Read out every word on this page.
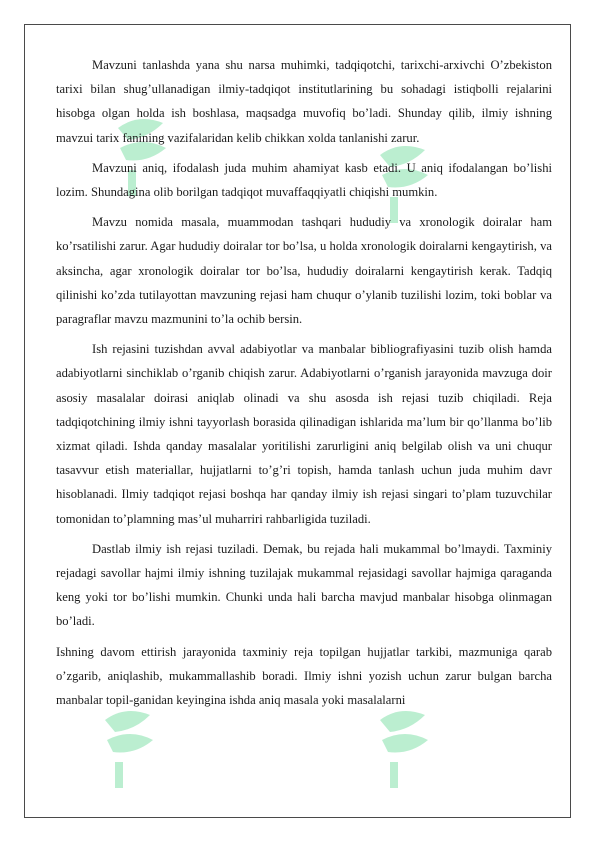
Mavzuni tanlashda yana shu narsa muhimki, tadqiqotchi, tarixchi-arxivchi O’zbekiston tarixi bilan shug’ullanadigan ilmiy-tadqiqot institutlarining bu sohadagi istiqbolli rejalarini hisobga olgan holda ish boshlasa, maqsadga muvofiq bo’ladi. Shunday qilib, ilmiy ishning mavzui tarix fanining vazifalaridan kelib chikkan xolda tanlanishi zarur.

Mavzuni aniq, ifodalash juda muhim ahamiyat kasb etadi. U aniq ifodalangan bo’lishi lozim. Shundagina olib borilgan tadqiqot muvaffaqqiyatli chiqishi mumkin.

Mavzu nomida masala, muammodan tashqari hududiy va xronologik doiralar ham ko’rsatilishi zarur. Agar hududiy doiralar tor bo’lsa, u holda xronologik doiralarni kengaytirish, va aksincha, agar xronologik doiralar tor bo’lsa, hududiy doiralarni kengaytirish kerak. Tadqiq qilinishi ko’zda tutilayottan mavzuning rejasi ham chuqur o’ylanib tuzilishi lozim, toki boblar va paragraflar mavzu mazmunini to’la ochib bersin.

Ish rejasini tuzishdan avval adabiyotlar va manbalar bibliografiyasini tuzib olish hamda adabiyotlarni sinchiklab o’rganib chiqish zarur. Adabiyotlarni o’rganish jarayonida mavzuga doir asosiy masalalar doirasi aniqlab olinadi va shu asosda ish rejasi tuzib chiqiladi. Reja tadqiqotchining ilmiy ishni tayyorlash borasida qilinadigan ishlarida ma’lum bir qo’llanma bo’lib xizmat qiladi. Ishda qanday masalalar yoritilishi zarurligini aniq belgilab olish va uni chuqur tasavvur etish materiallar, hujjatlarni to’g’ri topish, hamda tanlash uchun juda muhim davr hisoblanadi. Ilmiy tadqiqot rejasi boshqa har qanday ilmiy ish rejasi singari to’plam tuzuvchilar tomonidan to’plamning mas’ul muharriri rahbarligida tuziladi.

Dastlab ilmiy ish rejasi tuziladi. Demak, bu rejada hali mukammal bo’lmaydi. Taxminiy rejadagi savollar hajmi ilmiy ishning tuzilajak mukammal rejasidagi savollar hajmiga qaraganda keng yoki tor bo’lishi mumkin. Chunki unda hali barcha mavjud manbalar hisobga olinmagan bo’ladi.

Ishning davom ettirish jarayonida taxminiy reja topilgan hujjatlar tarkibi, mazmuniga qarab o’zgarib, aniqlashib, mukammallashib boradi. Ilmiy ishni yozish uchun zarur bulgan barcha manbalar topil-ganidan keyingina ishda aniq masala yoki masalalarni
